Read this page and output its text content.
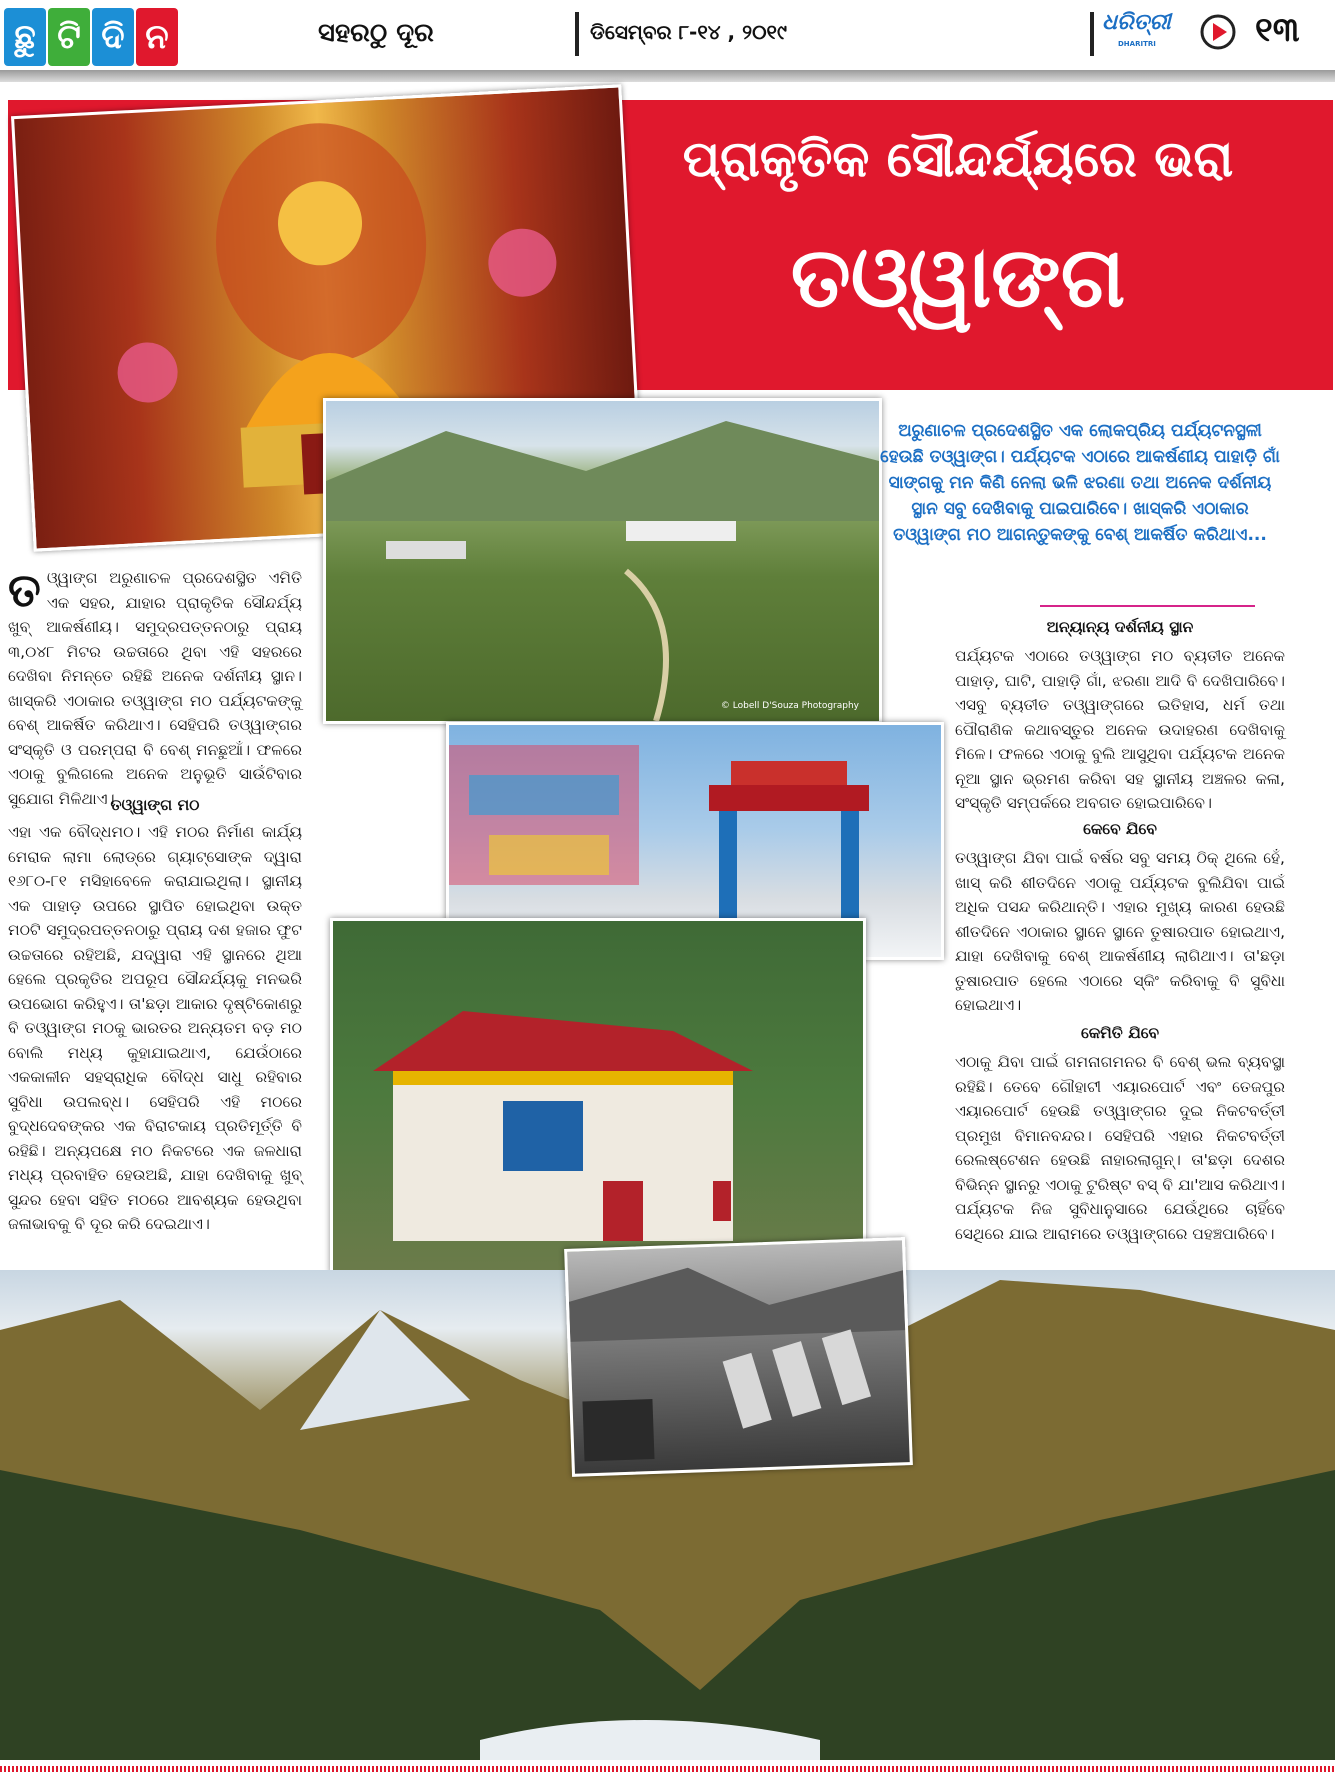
ଛୁ ଟି ଦି ନ	ସହରଠୁ ଦୂର	ଡିସେମ୍ବର ୮-୧୪ , ୨୦୧୯	ଧରିତ୍ରୀ
DHARITRI	୧୩
ପ୍ରାକୃତିକ ସୌନ୍ଦର୍ଯ୍ୟରେ ଭରା
ତଓ୍ୱାଙ୍ଗ
© Lobell D'Souza Photography
ଅରୁଣାଚଳ ପ୍ରଦେଶସ୍ଥିତ ଏକ ଲୋକପ୍ରିୟ ପର୍ଯ୍ୟଟନସ୍ଥଳୀ ହେଉଛି ତଓ୍ୱାଙ୍ଗ। ପର୍ଯ୍ୟଟକ ଏଠାରେ ଆକର୍ଷଣୀୟ ପାହାଡ଼ି ଗାଁ ସାଙ୍ଗକୁ ମନ କିଣି ନେଲା ଭଳି ଝରଣା ତଥା ଅନେକ ଦର୍ଶନୀୟ ସ୍ଥାନ ସବୁ ଦେଖିବାକୁ ପାଇପାରିବେ। ଖାସ୍‌କରି ଏଠାକାର ତଓ୍ୱାଙ୍ଗ ମଠ ଆଗନ୍ତୁକଙ୍କୁ ବେଶ୍ ଆକର୍ଷିତ କରିଥାଏ...
ତଓ୍ୱାଙ୍ଗ ଅରୁଣାଚଳ ପ୍ରଦେଶସ୍ଥିତ ଏମିତି ଏକ ସହର, ଯାହାର ପ୍ରାକୃତିକ ସୌନ୍ଦର୍ଯ୍ୟ ଖୁବ୍ ଆକର୍ଷଣୀୟ। ସମୁଦ୍ରପତ୍ତନଠାରୁ ପ୍ରାୟ ୩,୦୪୮ ମିଟର ଉଚ୍ଚତାରେ ଥିବା ଏହି ସହରରେ ଦେଖିବା ନିମନ୍ତେ ରହିଛି ଅନେକ ଦର୍ଶନୀୟ ସ୍ଥାନ। ଖାସ୍‌କରି ଏଠାକାର ତଓ୍ୱାଙ୍ଗ ମଠ ପର୍ଯ୍ୟଟକଙ୍କୁ ବେଶ୍ ଆକର୍ଷିତ କରିଥାଏ। ସେହିପରି ତଓ୍ୱାଙ୍ଗର ସଂସ୍କୃତି ଓ ପରମ୍ପରା ବି ବେଶ୍ ମନଛୁଆଁ। ଫଳରେ ଏଠାକୁ ବୁଲିଗଲେ ଅନେକ ଅନୁଭୂତି ସାଉଁଟିବାର ସୁଯୋଗ ମିଳିଥାଏ।
ତଓ୍ୱାଙ୍ଗ ମଠ
ଏହା ଏକ ବୌଦ୍ଧମଠ। ଏହି ମଠର ନିର୍ମାଣ କାର୍ଯ୍ୟ ମେରାକ ଲାମା ଲୋଡ୍ରେ ଗ୍ୟାଟ୍‌ସୋଙ୍କ ଦ୍ୱାରା ୧୬୮୦-୮୧ ମସିହାବେଳେ କରାଯାଇଥିଲା। ସ୍ଥାନୀୟ ଏକ ପାହାଡ଼ ଉପରେ ସ୍ଥାପିତ ହୋଇଥିବା ଉକ୍ତ ମଠଟି ସମୁଦ୍ରପତ୍ତନଠାରୁ ପ୍ରାୟ ଦଶ ହଜାର ଫୁଟ ଉଚ୍ଚତାରେ ରହିଅଛି, ଯଦ୍ୱାରା ଏହି ସ୍ଥାନରେ ଥିଆ ହେଲେ ପ୍ରକୃତିର ଅପରୂପ ସୌନ୍ଦର୍ଯ୍ୟକୁ ମନଭରି ଉପଭୋଗ କରିହୁଏ। ତା'ଛଡ଼ା ଆକାର ଦୃଷ୍ଟିକୋଣରୁ ବି ତଓ୍ୱାଙ୍ଗ ମଠକୁ ଭାରତର ଅନ୍ୟତମ ବଡ଼ ମଠ ବୋଲି ମଧ୍ୟ କୁହାଯାଇଥାଏ, ଯେଉଁଠାରେ ଏକକାଳୀନ ସହସ୍ରାଧିକ ବୌଦ୍ଧ ସାଧୁ ରହିବାର ସୁବିଧା ଉପଲବ୍ଧ। ସେହିପରି ଏହି ମଠରେ ବୁଦ୍ଧଦେବଙ୍କର ଏକ ବିରାଟକାୟ ପ୍ରତିମୂର୍ତ୍ତି ବି ରହିଛି। ଅନ୍ୟପକ୍ଷେ ମଠ ନିକଟରେ ଏକ ଜଳଧାରା ମଧ୍ୟ ପ୍ରବାହିତ ହେଉଅଛି, ଯାହା ଦେଖିବାକୁ ଖୁବ୍ ସୁନ୍ଦର ହେବା ସହିତ ମଠରେ ଆବଶ୍ୟକ ହେଉଥିବା ଜଳାଭାବକୁ ବି ଦୂର କରି ଦେଇଥାଏ।
ଅନ୍ୟାନ୍ୟ ଦର୍ଶନୀୟ ସ୍ଥାନ
ପର୍ଯ୍ୟଟକ ଏଠାରେ ତଓ୍ୱାଙ୍ଗ ମଠ ବ୍ୟତୀତ ଅନେକ ପାହାଡ଼, ଘାଟି, ପାହାଡ଼ି ଗାଁ, ଝରଣା ଆଦି ବି ଦେଖିପାରିବେ। ଏସବୁ ବ୍ୟତୀତ ତଓ୍ୱାଙ୍ଗରେ ଇତିହାସ, ଧର୍ମ ତଥା ପୌରାଣିକ କଥାବସ୍ତୁର ଅନେକ ଉଦାହରଣ ଦେଖିବାକୁ ମିଳେ। ଫଳରେ ଏଠାକୁ ବୁଲି ଆସୁଥିବା ପର୍ଯ୍ୟଟକ ଅନେକ ନୂଆ ସ୍ଥାନ ଭ୍ରମଣ କରିବା ସହ ସ୍ଥାନୀୟ ଅଞ୍ଚଳର କଳା, ସଂସ୍କୃତି ସମ୍ପର୍କରେ ଅବଗତ ହୋଇପାରିବେ।
କେବେ ଯିବେ
ତଓ୍ୱାଙ୍ଗ ଯିବା ପାଇଁ ବର୍ଷର ସବୁ ସମୟ ଠିକ୍ ଥିଲେ ହେଁ, ଖାସ୍ କରି ଶୀତଦିନେ ଏଠାକୁ ପର୍ଯ୍ୟଟକ ବୁଲିଯିବା ପାଇଁ ଅଧିକ ପସନ୍ଦ କରିଥାନ୍ତି। ଏହାର ମୁଖ୍ୟ କାରଣ ହେଉଛି ଶୀତଦିନେ ଏଠାକାର ସ୍ଥାନେ ସ୍ଥାନେ ତୁଷାରପାତ ହୋଇଥାଏ, ଯାହା ଦେଖିବାକୁ ବେଶ୍ ଆକର୍ଷଣୀୟ ଲାଗିଥାଏ। ତା'ଛଡ଼ା ତୁଷାରପାତ ହେଲେ ଏଠାରେ ସ୍କିଂ କରିବାକୁ ବି ସୁବିଧା ହୋଇଥାଏ।
କେମିତି ଯିବେ
ଏଠାକୁ ଯିବା ପାଇଁ ଗମନାଗମନର ବି ବେଶ୍ ଭଲ ବ୍ୟବସ୍ଥା ରହିଛି। ତେବେ ଗୌହାଟୀ ଏୟାରପୋର୍ଟ ଏବଂ ତେଜପୁର ଏୟାରପୋର୍ଟ ହେଉଛି ତଓ୍ୱାଙ୍ଗର ଦୁଇ ନିକଟବର୍ତ୍ତୀ ପ୍ରମୁଖ ବିମାନବନ୍ଦର। ସେହିପରି ଏହାର ନିକଟବର୍ତ୍ତୀ ରେଲଷ୍ଟେଶନ ହେଉଛି ନାହାରଲାଗୁନ୍। ତା'ଛଡ଼ା ଦେଶର ବିଭିନ୍ନ ସ୍ଥାନରୁ ଏଠାକୁ ଟୁରିଷ୍ଟ ବସ୍ ବି ଯା'ଆସ କରିଥାଏ। ପର୍ଯ୍ୟଟକ ନିଜ ସୁବିଧାନୁସାରେ ଯେଉଁଥିରେ ଚାହିଁବେ ସେଥିରେ ଯାଇ ଆରାମରେ ତଓ୍ୱାଙ୍ଗରେ ପହଞ୍ଚପାରିବେ।
